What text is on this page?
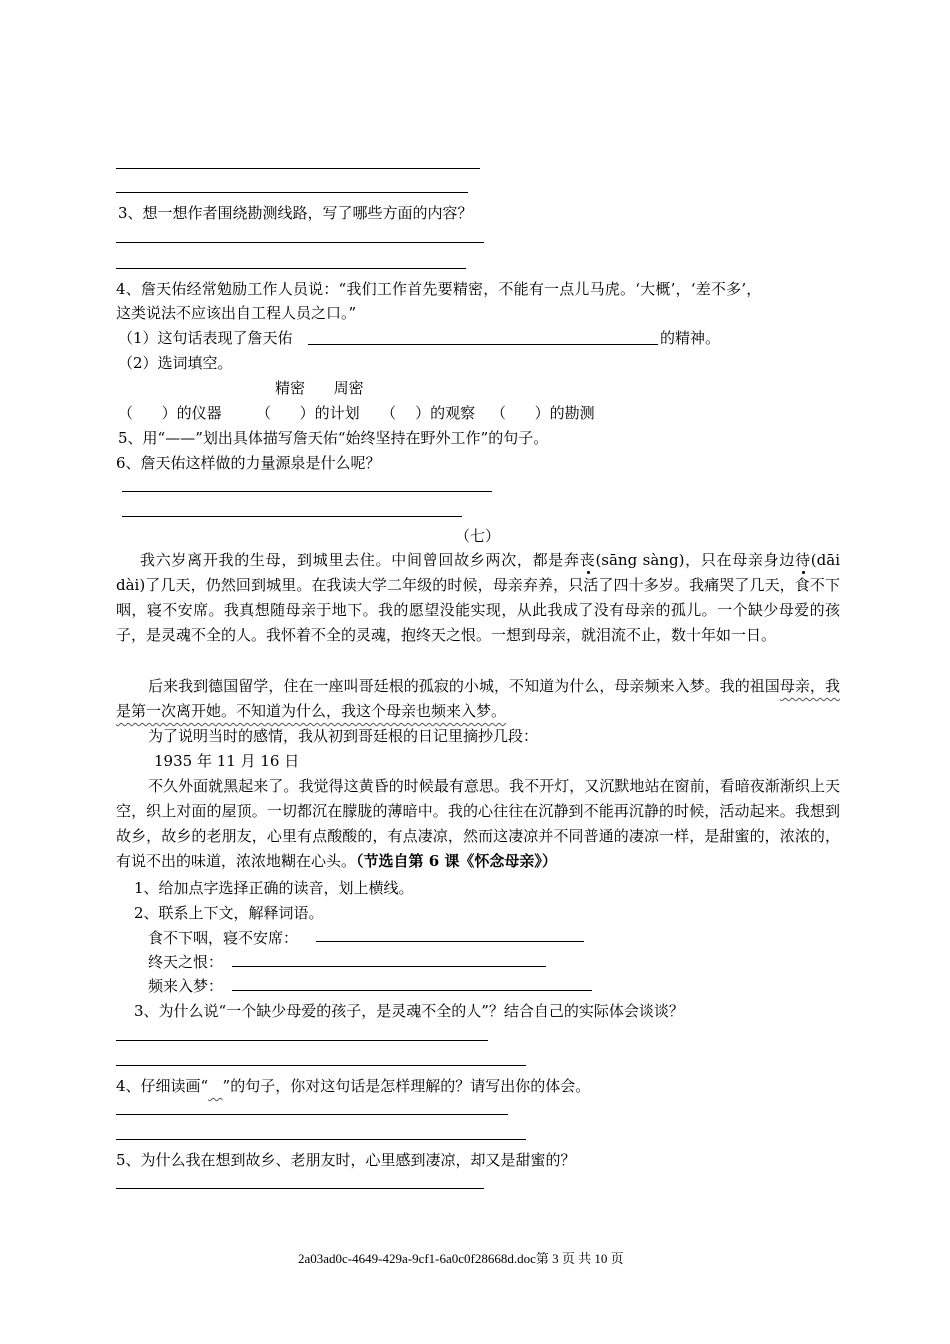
3、想一想作者围绕勘测线路，写了哪些方面的内容？
4、詹天佑经常勉励工作人员说：“我们工作首先要精密，不能有一点儿马虎。‘大概’，‘差不多’，
这类说法不应该出自工程人员之口。”
（1）这句话表现了詹天佑	的精神。
（2）选词填空。
精密      周密
（      ）的仪器 （      ）的计划 （    ）的观察 （      ）的勘测
5、用“——”划出具体描写詹天佑“始终坚持在野外工作”的句子。
6、詹天佑这样做的力量源泉是什么呢？
（七）
我六岁离开我的生母，到城里去住。中间曾回故乡两次，都是奔丧(sāng sàng)，只在母亲身边待(dāi dài)了几天，仍然回到城里。在我读大学二年级的时候，母亲弃养，只活了四十多岁。我痛哭了几天，食不下咽，寝不安席。我真想随母亲于地下。我的愿望没能实现，从此我成了没有母亲的孤儿。一个缺少母爱的孩子，是灵魂不全的人。我怀着不全的灵魂，抱终天之恨。一想到母亲，就泪流不止，数十年如一日。
后来我到德国留学，住在一座叫哥廷根的孤寂的小城，不知道为什么，母亲频来入梦。我的祖国母亲，我是第一次离开她。不知道为什么，我这个母亲也频来入梦。
为了说明当时的感情，我从初到哥廷根的日记里摘抄几段：
1935 年 11 月 16 日
不久外面就黑起来了。我觉得这黄昏的时候最有意思。我不开灯，又沉默地站在窗前，看暗夜渐渐织上天空，织上对面的屋顶。一切都沉在朦胧的薄暗中。我的心往往在沉静到不能再沉静的时候，活动起来。我想到故乡，故乡的老朋友，心里有点酸酸的，有点凄凉，然而这凄凉并不同普通的凄凉一样，是甜蜜的，浓浓的，有说不出的味道，浓浓地糊在心头。（节选自第 6 课《怀念母亲》）
1、给加点字选择正确的读音，划上横线。
2、联系上下文，解释词语。
食不下咽，寝不安席：
终天之恨：
频来入梦：
3、为什么说“一个缺少母爱的孩子，是灵魂不全的人”？结合自己的实际体会谈谈？
4、仔细读画“ ”的句子，你对这句话是怎样理解的？请写出你的体会。
5、为什么我在想到故乡、老朋友时，心里感到凄凉，却又是甜蜜的？
2a03ad0c-4649-429a-9cf1-6a0c0f28668d.doc第 3 页 共 10 页
